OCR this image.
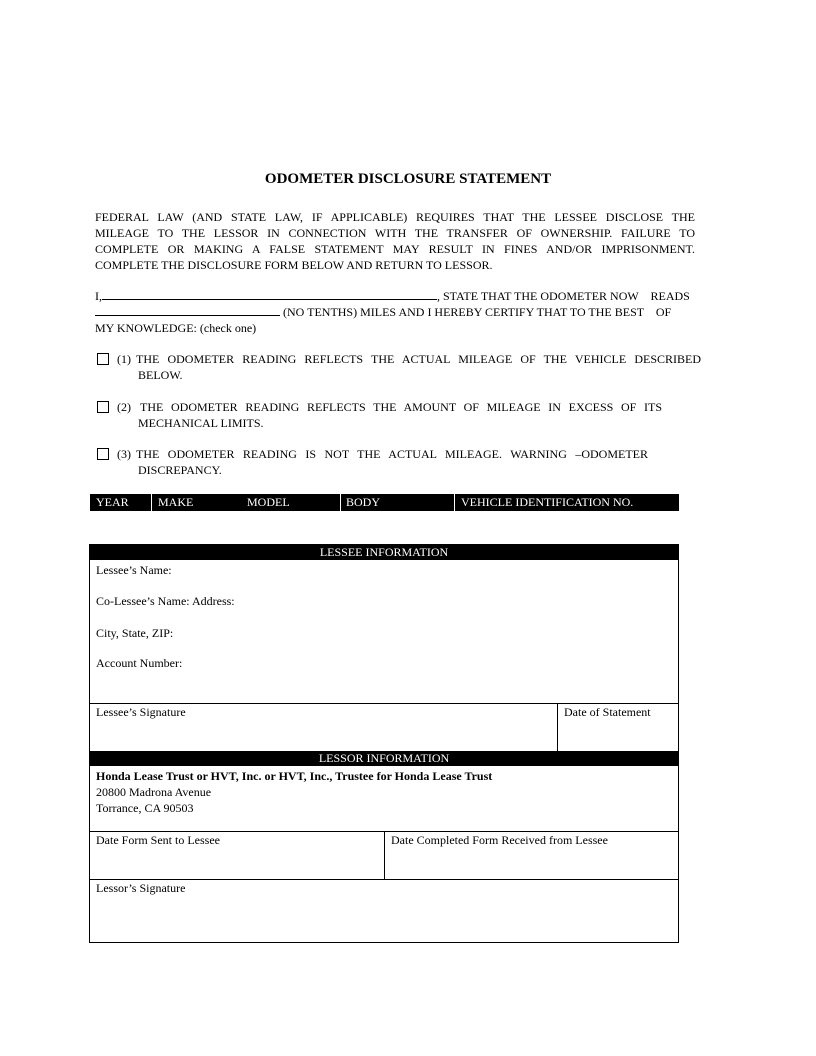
ODOMETER DISCLOSURE STATEMENT
FEDERAL LAW (AND STATE LAW, IF APPLICABLE) REQUIRES THAT THE LESSEE DISCLOSE THE
MILEAGE TO THE LESSOR IN CONNECTION WITH THE TRANSFER OF OWNERSHIP. FAILURE TO
COMPLETE OR MAKING A FALSE STATEMENT MAY RESULT IN FINES AND/OR IMPRISONMENT.
COMPLETE THE DISCLOSURE FORM BELOW AND RETURN TO LESSOR.
I,	, STATE THAT THE ODOMETER NOW    READS
(NO TENTHS) MILES AND I HEREBY CERTIFY THAT TO THE BEST    OF
MY KNOWLEDGE: (check one)
(1) THE ODOMETER READING REFLECTS THE ACTUAL MILEAGE OF THE VEHICLE DESCRIBED
BELOW.
(2) THE ODOMETER READING REFLECTS THE AMOUNT OF MILEAGE IN EXCESS OF ITS
MECHANICAL LIMITS.
(3) THE ODOMETER READING IS NOT THE ACTUAL MILEAGE. WARNING –ODOMETER
DISCREPANCY.
YEAR MAKE	MODEL	BODY	VEHICLE IDENTIFICATION NO.
LESSEE INFORMATION
Lessee’s Name:
Co-Lessee’s Name: Address:
City, State, ZIP:
Account Number:
Lessee’s Signature	Date of Statement
LESSOR INFORMATION
Honda Lease Trust or HVT, Inc. or HVT, Inc., Trustee for Honda Lease Trust
20800 Madrona Avenue
Torrance, CA 90503
Date Form Sent to Lessee	Date Completed Form Received from Lessee
Lessor’s Signature
